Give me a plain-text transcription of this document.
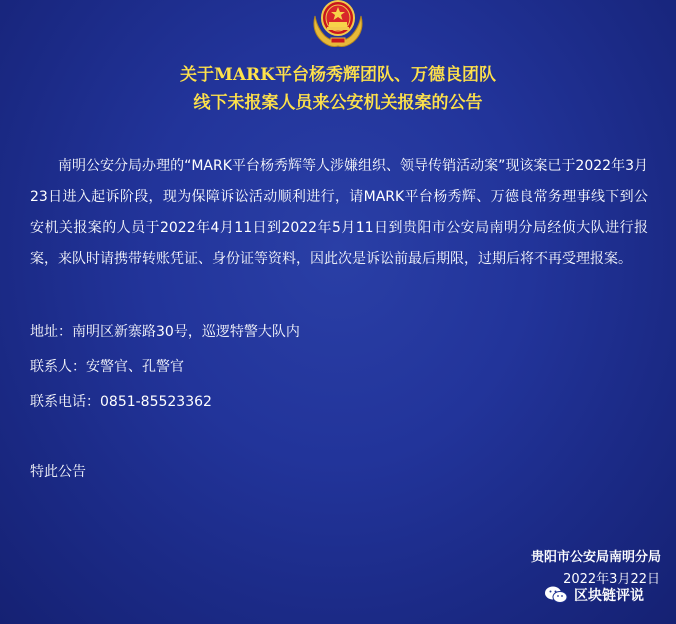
关于MARK平台杨秀辉团队、万德良团队
线下未报案人员来公安机关报案的公告
南明公安分局办理的“MARK平台杨秀辉等人涉嫌组织、领导传销活动案”现该案已于2022年3月23日进入起诉阶段，现为保障诉讼活动顺利进行，请MARK平台杨秀辉、万德良常务理事线下到公安机关报案的人员于2022年4月11日到2022年5月11日到贵阳市公安局南明分局经侦大队进行报案，来队时请携带转账凭证、身份证等资料，因此次是诉讼前最后期限，过期后将不再受理报案。
地址：南明区新寨路30号，巡逻特警大队内
联系人：安警官、孔警官
联系电话：0851-85523362
特此公告
贵阳市公安局南明分局
2022年3月22日
区块链评说
